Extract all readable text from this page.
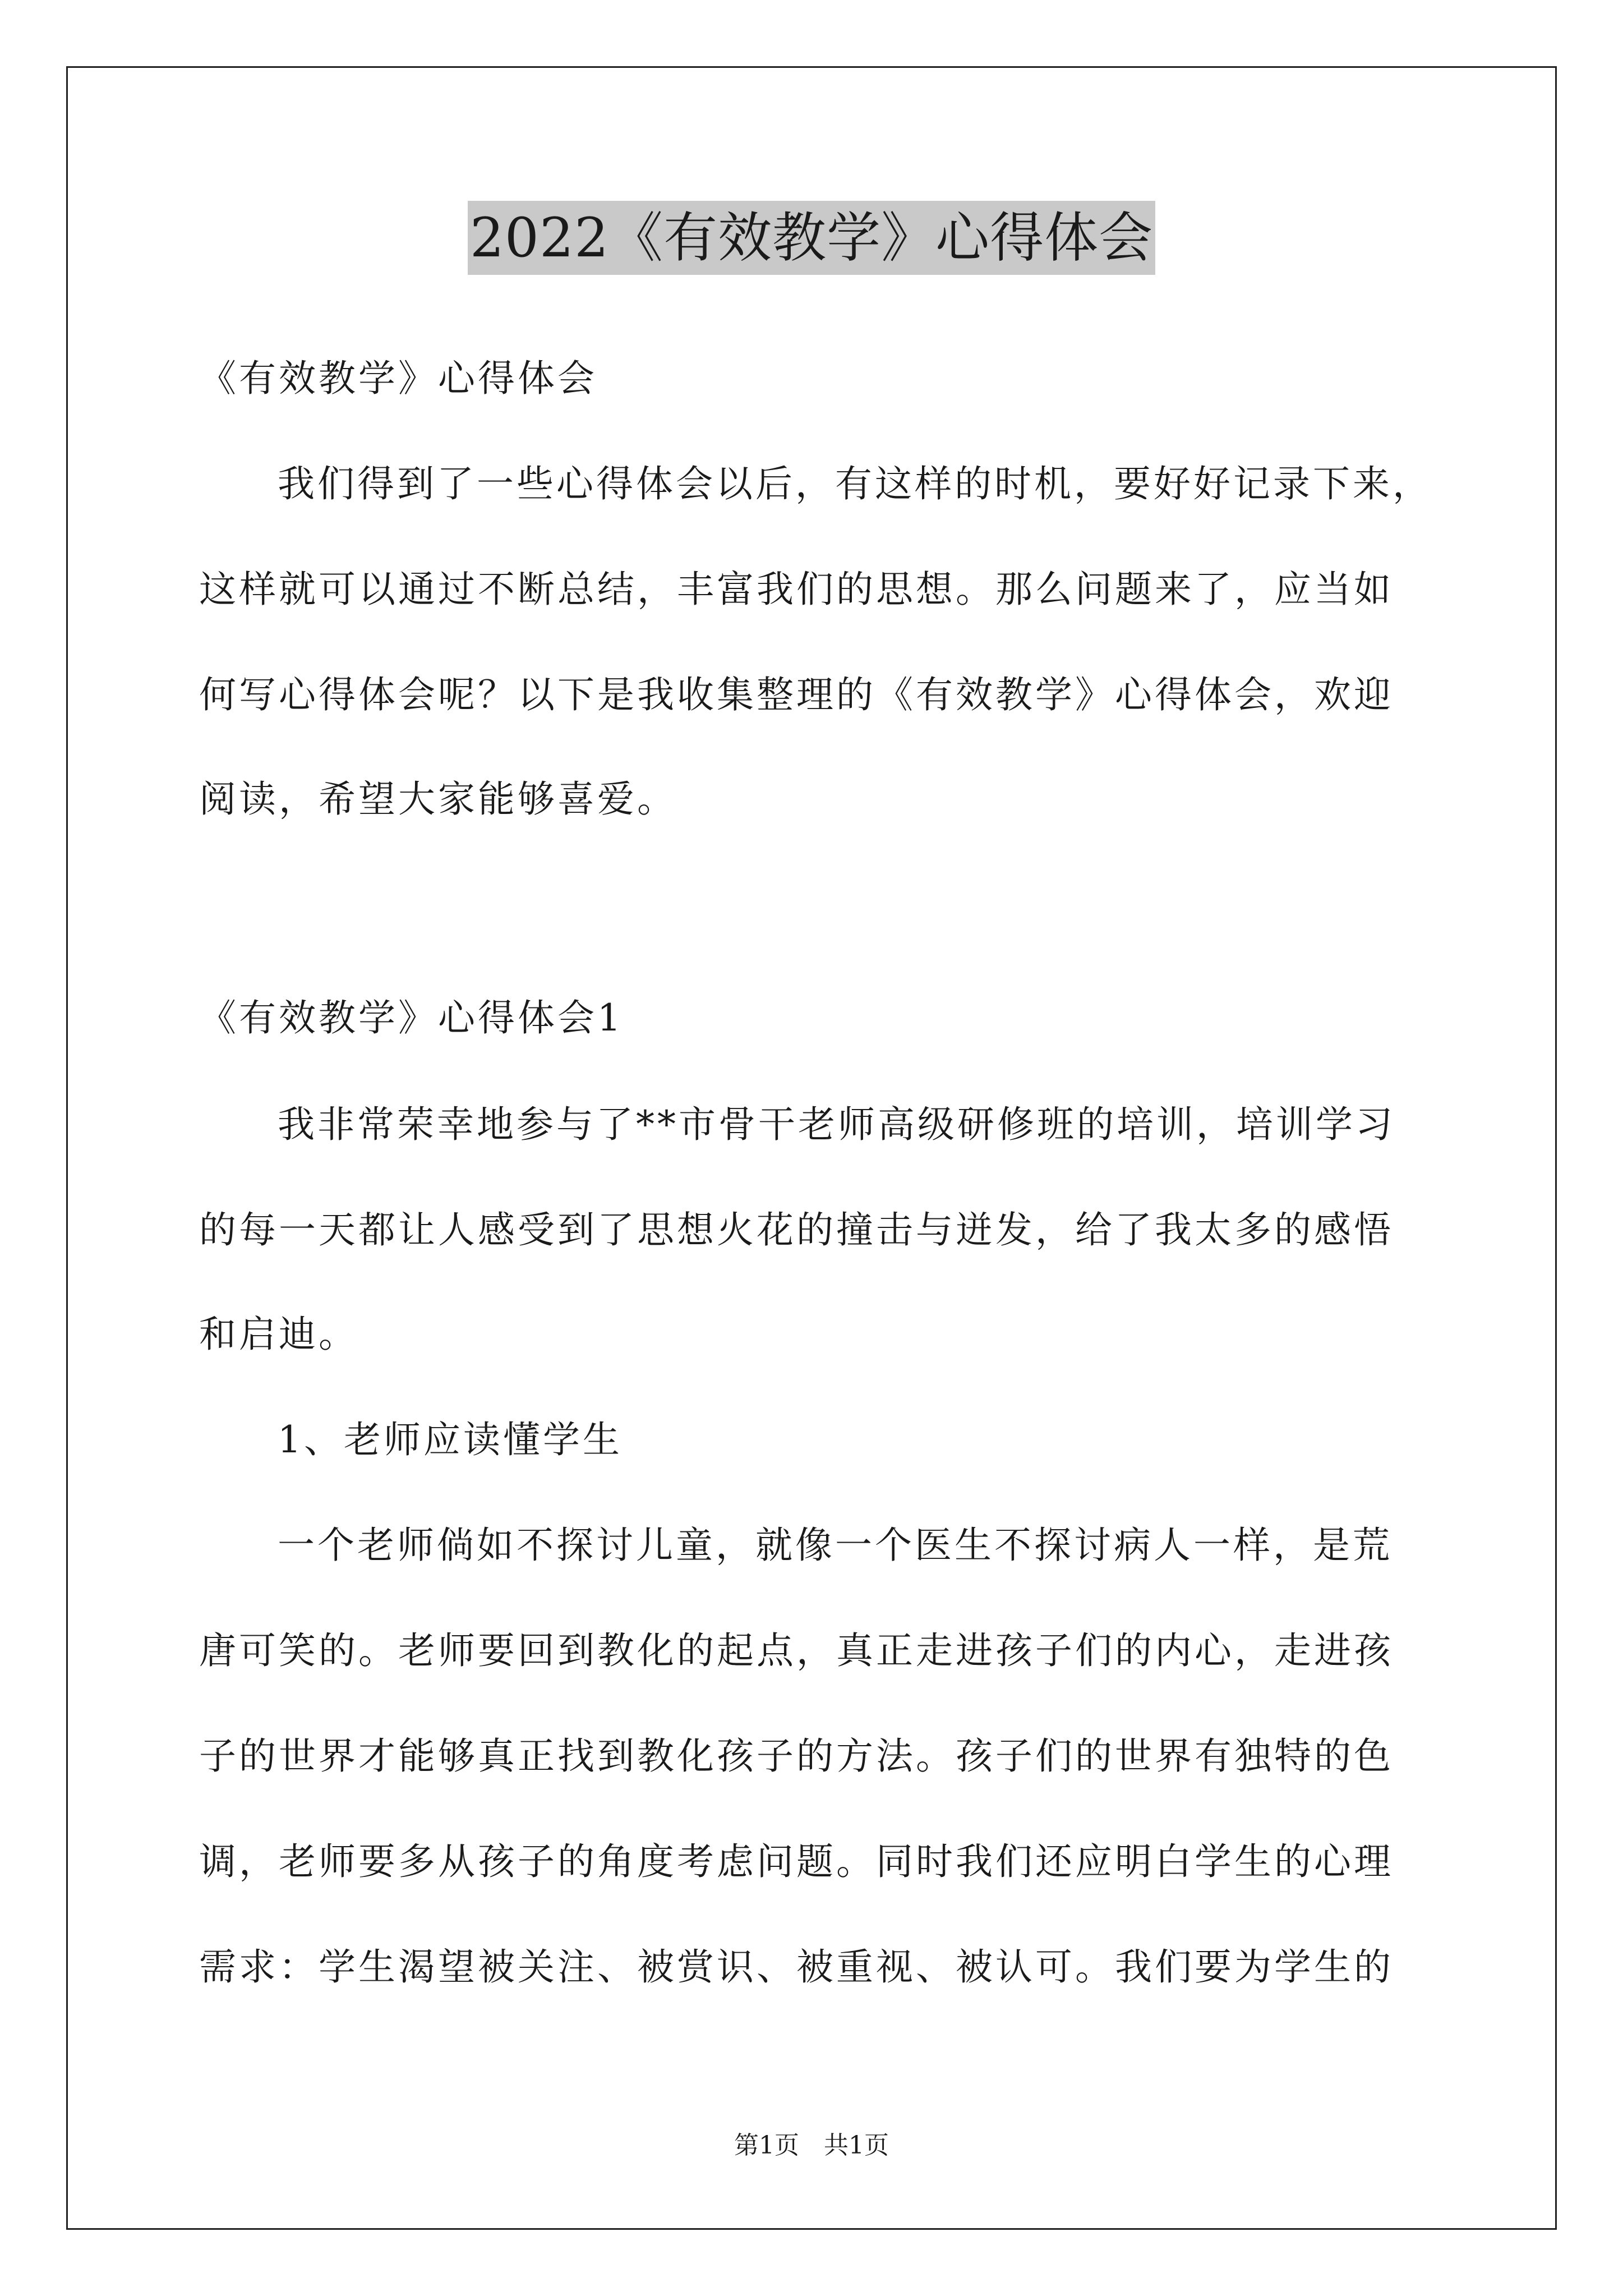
2022《有效教学》心得体会
《有效教学》心得体会
我们得到了一些心得体会以后，有这样的时机，要好好记录下来，
这样就可以通过不断总结，丰富我们的思想。那么问题来了，应当如
何写心得体会呢？以下是我收集整理的《有效教学》心得体会，欢迎
阅读，希望大家能够喜爱。
《有效教学》心得体会1
我非常荣幸地参与了**市骨干老师高级研修班的培训，培训学习
的每一天都让人感受到了思想火花的撞击与迸发，给了我太多的感悟
和启迪。
1、老师应读懂学生
一个老师倘如不探讨儿童，就像一个医生不探讨病人一样，是荒
唐可笑的。老师要回到教化的起点，真正走进孩子们的内心，走进孩
子的世界才能够真正找到教化孩子的方法。孩子们的世界有独特的色
调，老师要多从孩子的角度考虑问题。同时我们还应明白学生的心理
需求：学生渴望被关注、被赏识、被重视、被认可。我们要为学生的
第1页　共1页
